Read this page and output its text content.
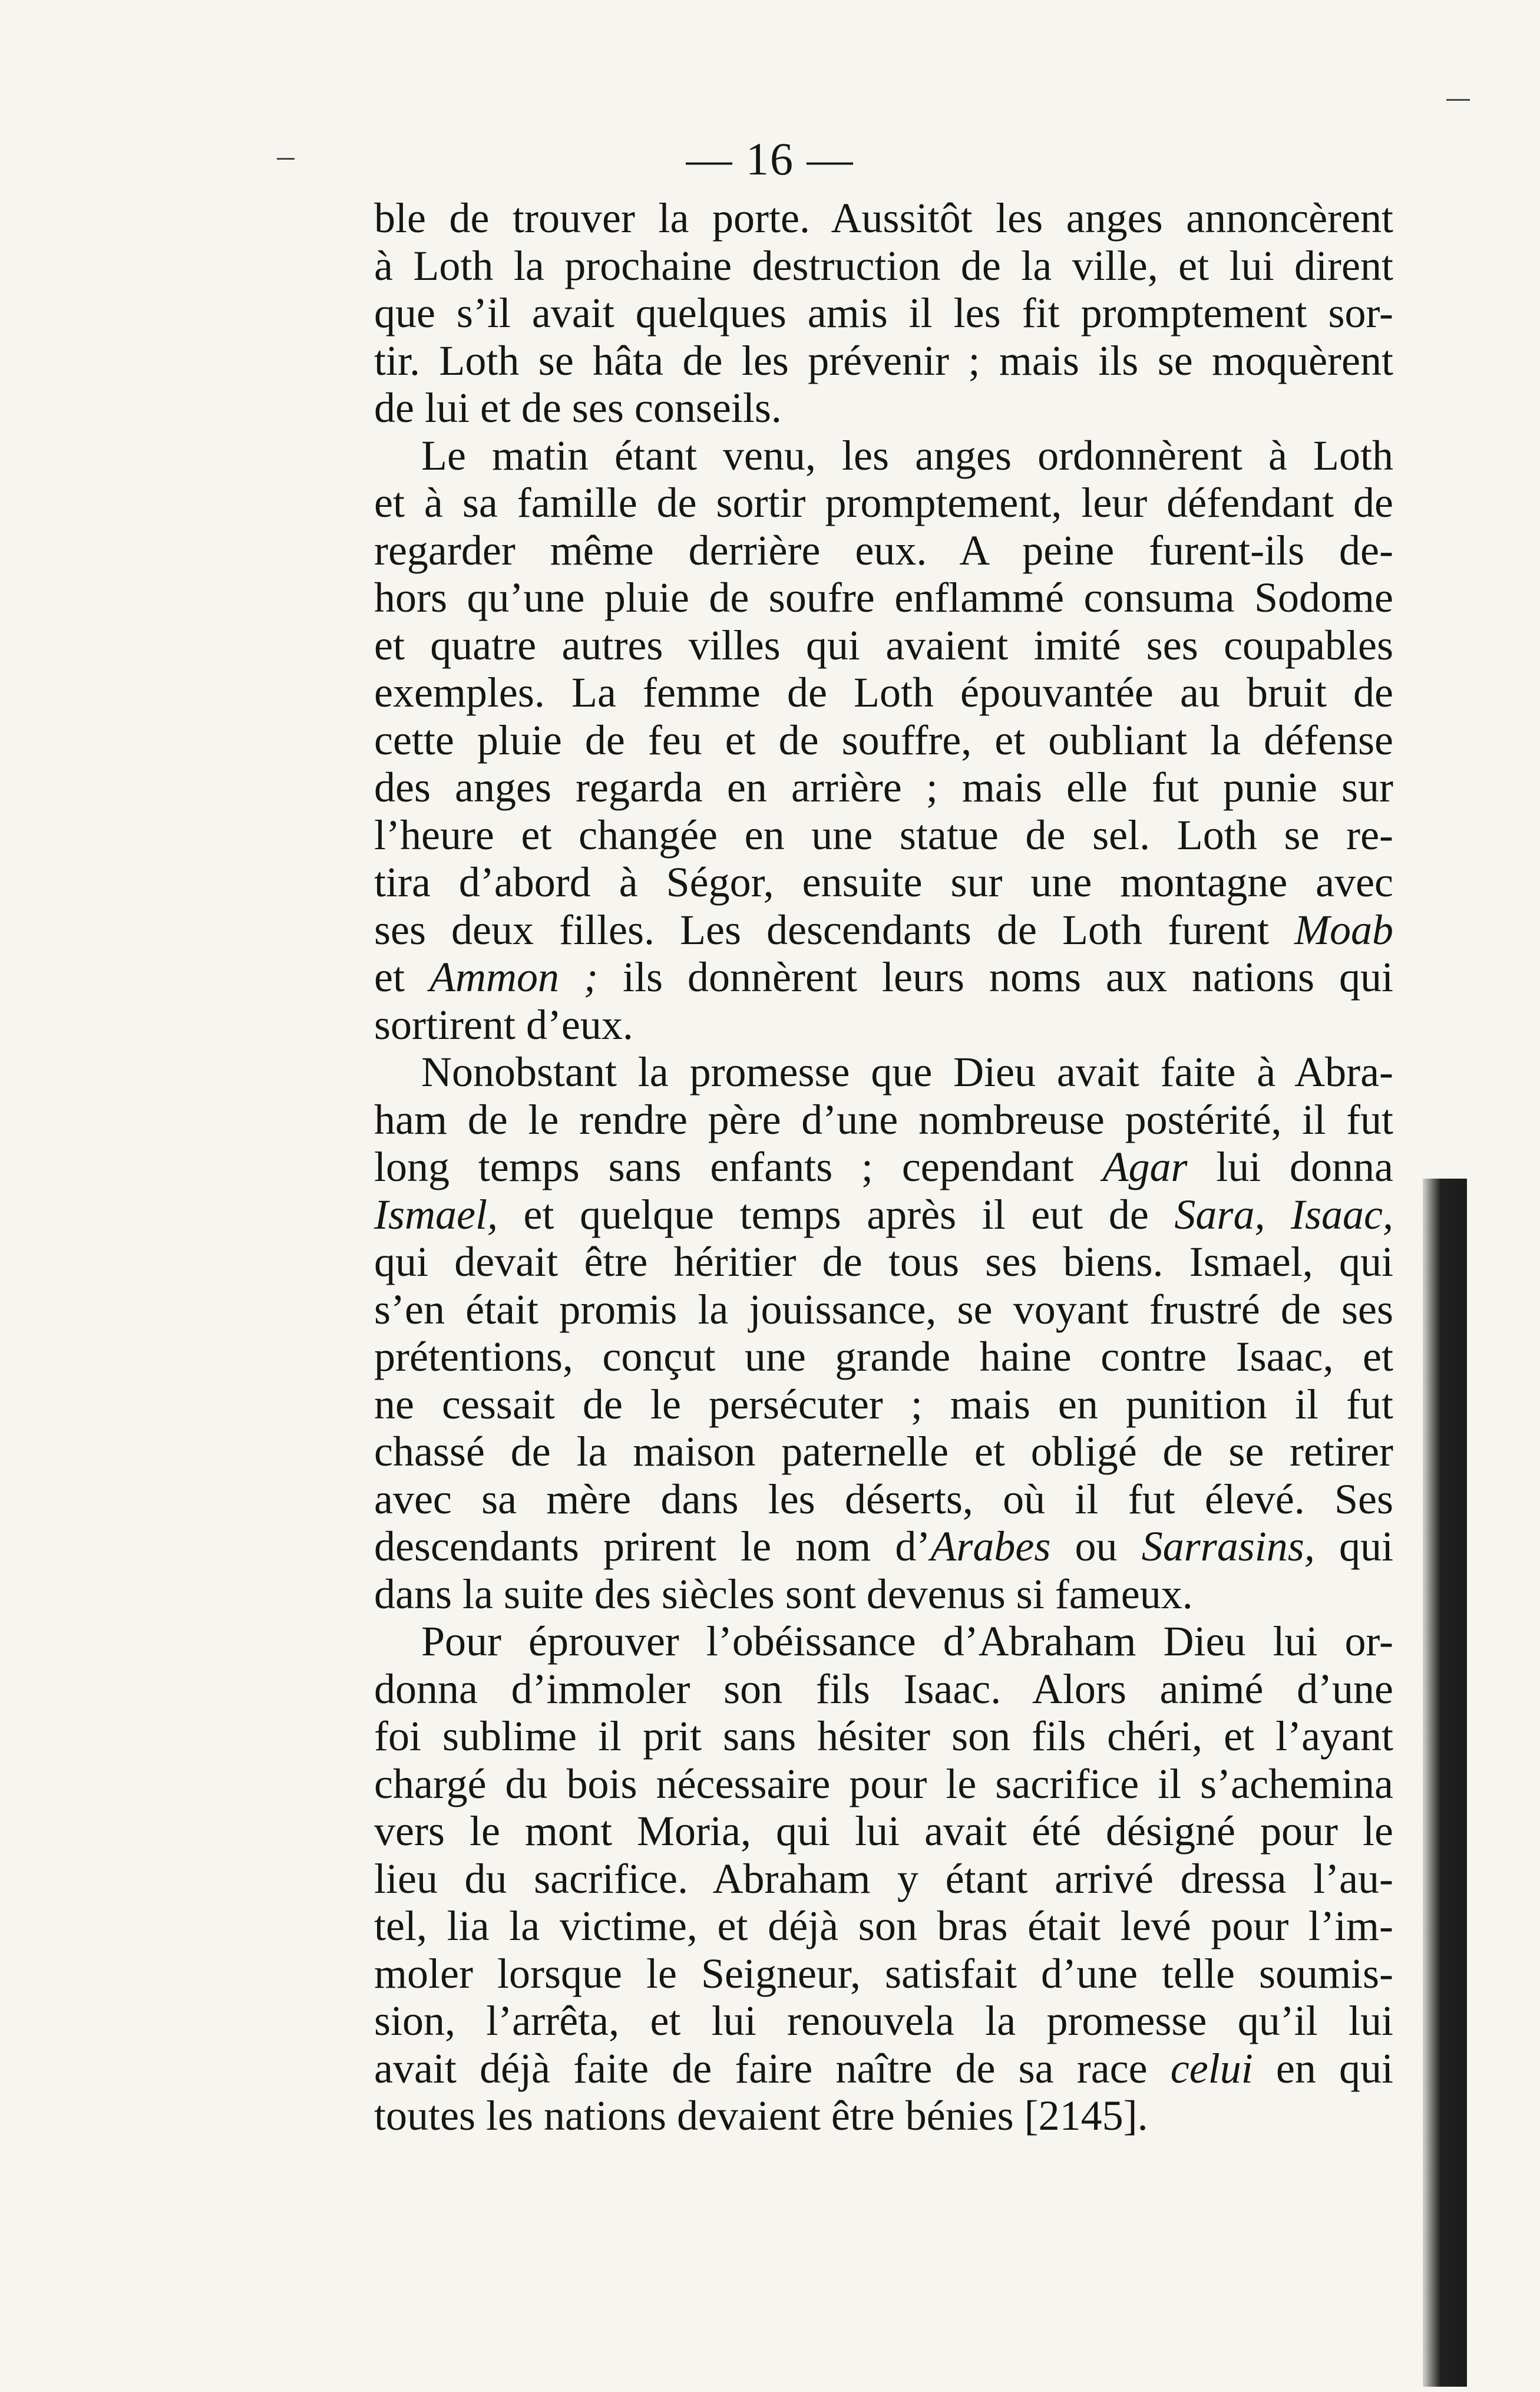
— 16 —
ble de trouver la porte. Aussitôt les anges annoncèrent
à Loth la prochaine destruction de la ville, et lui dirent
que s’il avait quelques amis il les fit promptement sor-
tir. Loth se hâta de les prévenir ; mais ils se moquèrent
de lui et de ses conseils.
Le matin étant venu, les anges ordonnèrent à Loth
et à sa famille de sortir promptement, leur défendant de
regarder même derrière eux. A peine furent-ils de-
hors qu’une pluie de soufre enflammé consuma Sodome
et quatre autres villes qui avaient imité ses coupables
exemples. La femme de Loth épouvantée au bruit de
cette pluie de feu et de souffre, et oubliant la défense
des anges regarda en arrière ; mais elle fut punie sur
l’heure et changée en une statue de sel. Loth se re-
tira d’abord à Ségor, ensuite sur une montagne avec
ses deux filles. Les descendants de Loth furent Moab
et Ammon ; ils donnèrent leurs noms aux nations qui
sortirent d’eux.
Nonobstant la promesse que Dieu avait faite à Abra-
ham de le rendre père d’une nombreuse postérité, il fut
long temps sans enfants ; cependant Agar lui donna
Ismael, et quelque temps après il eut de Sara, Isaac,
qui devait être héritier de tous ses biens. Ismael, qui
s’en était promis la jouissance, se voyant frustré de ses
prétentions, conçut une grande haine contre Isaac, et
ne cessait de le persécuter ; mais en punition il fut
chassé de la maison paternelle et obligé de se retirer
avec sa mère dans les déserts, où il fut élevé. Ses
descendants prirent le nom d’Arabes ou Sarrasins, qui
dans la suite des siècles sont devenus si fameux.
Pour éprouver l’obéissance d’Abraham Dieu lui or-
donna d’immoler son fils Isaac. Alors animé d’une
foi sublime il prit sans hésiter son fils chéri, et l’ayant
chargé du bois nécessaire pour le sacrifice il s’achemina
vers le mont Moria, qui lui avait été désigné pour le
lieu du sacrifice. Abraham y étant arrivé dressa l’au-
tel, lia la victime, et déjà son bras était levé pour l’im-
moler lorsque le Seigneur, satisfait d’une telle soumis-
sion, l’arrêta, et lui renouvela la promesse qu’il lui
avait déjà faite de faire naître de sa race celui en qui
toutes les nations devaient être bénies [2145].
